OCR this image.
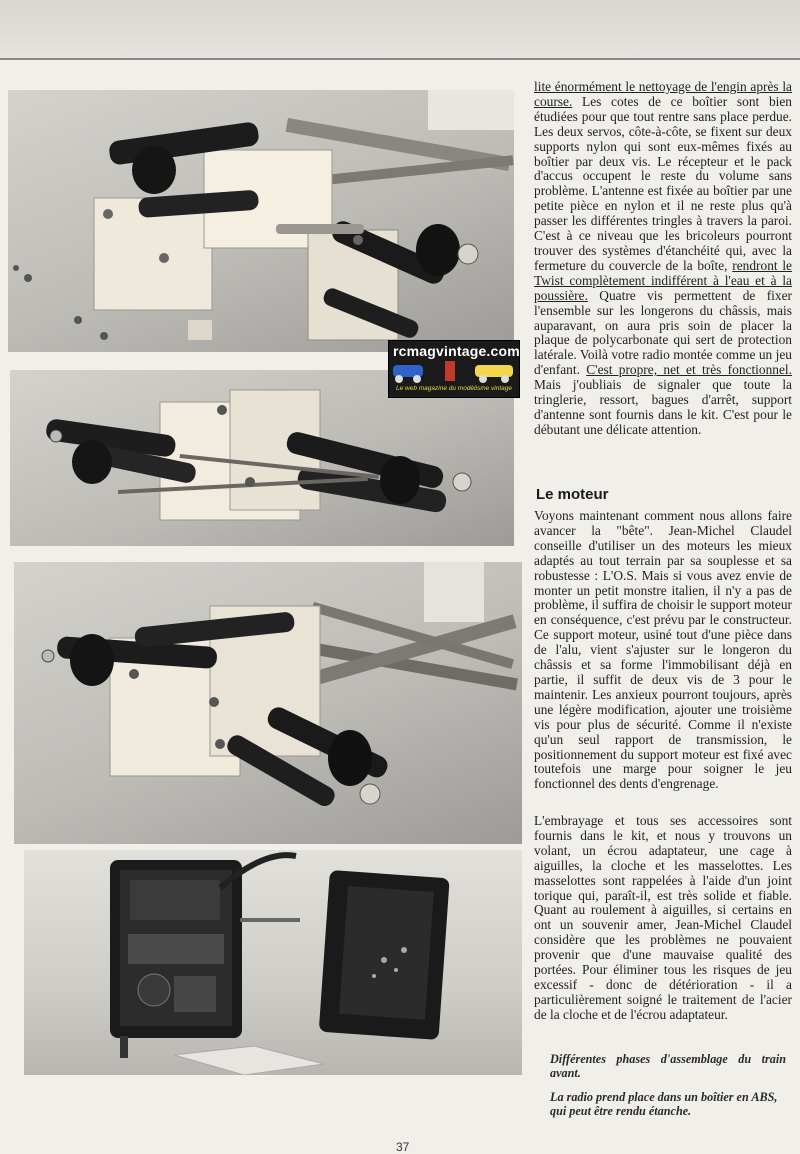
rcmagvintage.com
Le web magazine du modélisme vintage

lite énormément le nettoyage de l'engin après la course. Les cotes de ce boîtier sont bien étudiées pour que tout rentre sans place perdue. Les deux servos, côte-à-côte, se fixent sur deux supports nylon qui sont eux-mêmes fixés au boîtier par deux vis. Le récepteur et le pack d'accus occupent le reste du volume sans problème. L'antenne est fixée au boîtier par une petite pièce en nylon et il ne reste plus qu'à passer les différentes tringles à travers la paroi. C'est à ce niveau que les bricoleurs pourront trouver des systèmes d'étanchéité qui, avec la fermeture du couvercle de la boîte, rendront le Twist complètement indifférent à l'eau et à la poussière. Quatre vis permettent de fixer l'ensemble sur les longerons du châssis, mais auparavant, on aura pris soin de placer la plaque de polycarbonate qui sert de protection latérale. Voilà votre radio montée comme un jeu d'enfant. C'est propre, net et très fonctionnel. Mais j'oubliais de signaler que toute la tringlerie, ressort, bagues d'arrêt, support d'antenne sont fournis dans le kit. C'est pour le débutant une délicate attention.

Le moteur
Voyons maintenant comment nous allons faire avancer la "bête". Jean-Michel Claudel conseille d'utiliser un des moteurs les mieux adaptés au tout terrain par sa souplesse et sa robustesse : L'O.S. Mais si vous avez envie de monter un petit monstre italien, il n'y a pas de problème, il suffira de choisir le support moteur en conséquence, c'est prévu par le constructeur. Ce support moteur, usiné tout d'une pièce dans de l'alu, vient s'ajuster sur le longeron du châssis et sa forme l'immobilisant déjà en partie, il suffit de deux vis de 3 pour le maintenir. Les anxieux pourront toujours, après une légère modification, ajouter une troisième vis pour plus de sécurité. Comme il n'existe qu'un seul rapport de transmission, le positionnement du support moteur est fixé avec toutefois une marge pour soigner le jeu fonctionnel des dents d'engrenage.
L'embrayage et tous ses accessoires sont fournis dans le kit, et nous y trouvons un volant, un écrou adaptateur, une cage à aiguilles, la cloche et les masselottes. Les masselottes sont rappelées à l'aide d'un joint torique qui, paraît-il, est très solide et fiable. Quant au roulement à aiguilles, si certains en ont un souvenir amer, Jean-Michel Claudel considère que les problèmes ne pouvaient provenir que d'une mauvaise qualité des portées. Pour éliminer tous les risques de jeu excessif - donc de détérioration - il a particulièrement soigné le traitement de l'acier de la cloche et de l'écrou adaptateur.
Différentes phases d'assemblage du train avant.
La radio prend place dans un boîtier en ABS, qui peut être rendu étanche.
37
